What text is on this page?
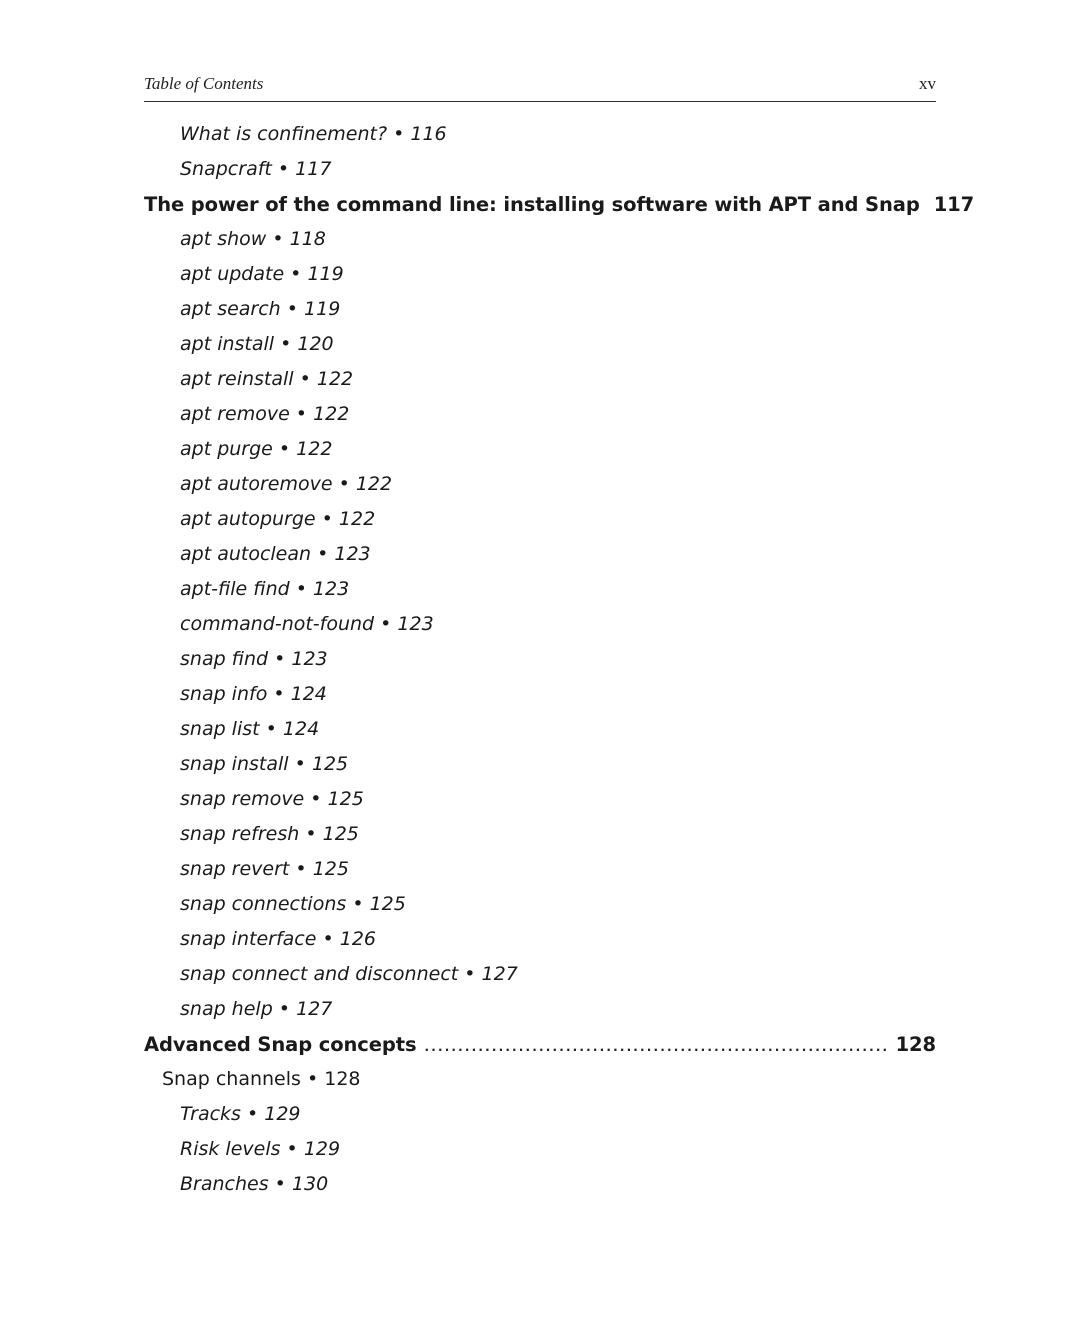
Table of Contents	xv
What is confinement? • 116
Snapcraft • 117
The power of the command line: installing software with APT and Snap 117
apt show • 118
apt update • 119
apt search • 119
apt install • 120
apt reinstall • 122
apt remove • 122
apt purge • 122
apt autoremove • 122
apt autopurge • 122
apt autoclean • 123
apt-file find • 123
command-not-found • 123
snap find • 123
snap info • 124
snap list • 124
snap install • 125
snap remove • 125
snap refresh • 125
snap revert • 125
snap connections • 125
snap interface • 126
snap connect and disconnect • 127
snap help • 127
Advanced Snap concepts
. . .	128
Snap channels • 128
Tracks • 129
Risk levels • 129
Branches • 130
